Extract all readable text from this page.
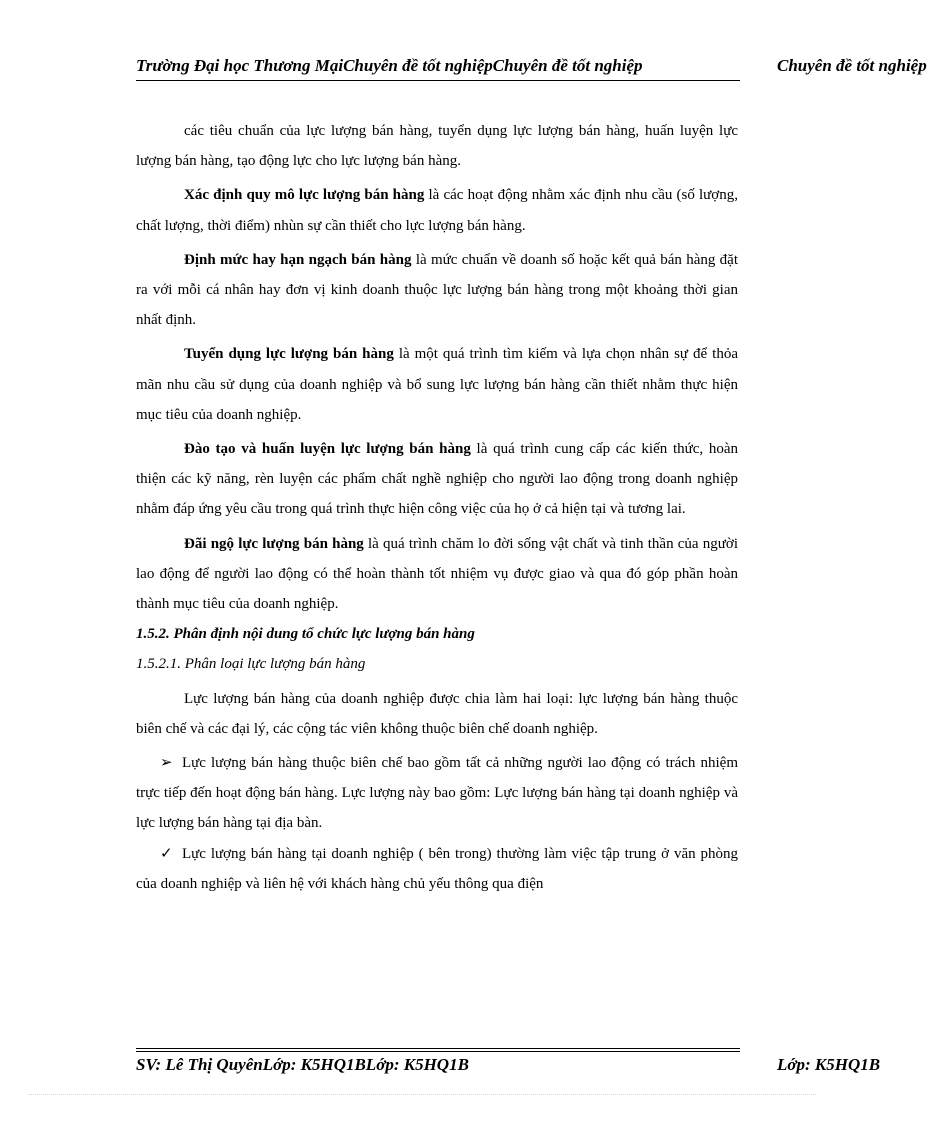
Trường Đại học Thương MạiChuyên đề tốt nghiệpChuyên đề tốt nghiệp	Chuyên đề tốt nghiệp

các tiêu chuẩn của lực lượng bán hàng, tuyển dụng lực lượng bán hàng, huấn luyện lực lượng bán hàng, tạo động lực cho lực lượng bán hàng.

Xác định quy mô lực lượng bán hàng là các hoạt động nhằm xác định nhu cầu (số lượng, chất lượng, thời điểm) nhùn sự cần thiết cho lực lượng bán hàng.

Định mức hay hạn ngạch bán hàng là mức chuẩn về doanh số hoặc kết quả bán hàng đặt ra với mỗi cá nhân hay đơn vị kinh doanh thuộc lực lượng bán hàng trong một khoảng thời gian nhất định.

Tuyển dụng lực lượng bán hàng là một quá trình tìm kiếm và lựa chọn nhân sự để thỏa mãn nhu cầu sử dụng của doanh nghiệp và bổ sung lực lượng bán hàng cần thiết nhằm thực hiện mục tiêu của doanh nghiệp.

Đào tạo và huấn luyện lực lượng bán hàng là quá trình cung cấp các kiến thức, hoàn thiện các kỹ năng, rèn luyện các phẩm chất nghề nghiệp cho người lao động trong doanh nghiệp nhằm đáp ứng yêu cầu trong quá trình thực hiện công việc của họ ở cả hiện tại và tương lai.

Đãi ngộ lực lượng bán hàng là quá trình chăm lo đời sống vật chất và tinh thần của người lao động để người lao động có thể hoàn thành tốt nhiệm vụ được giao và qua đó góp phần hoàn thành mục tiêu của doanh nghiệp.

1.5.2. Phân định nội dung tổ chức lực lượng bán hàng

1.5.2.1. Phân loại lực lượng bán hàng

Lực lượng bán hàng của doanh nghiệp được chia làm hai loại: lực lượng bán hàng thuộc biên chế và các đại lý, các cộng tác viên không thuộc biên chế doanh nghiệp.

➢ Lực lượng bán hàng thuộc biên chế bao gồm tất cả những người lao động có trách nhiệm trực tiếp đến hoạt động bán hàng. Lực lượng này bao gồm: Lực lượng bán hàng tại doanh nghiệp và lực lượng bán hàng tại địa bàn.

✓ Lực lượng bán hàng tại doanh nghiệp ( bên trong) thường làm việc tập trung ở văn phòng của doanh nghiệp và liên hệ với khách hàng chủ yếu thông qua điện

SV: Lê Thị QuyênLớp: K5HQ1BLớp: K5HQ1B	Lớp: K5HQ1B
